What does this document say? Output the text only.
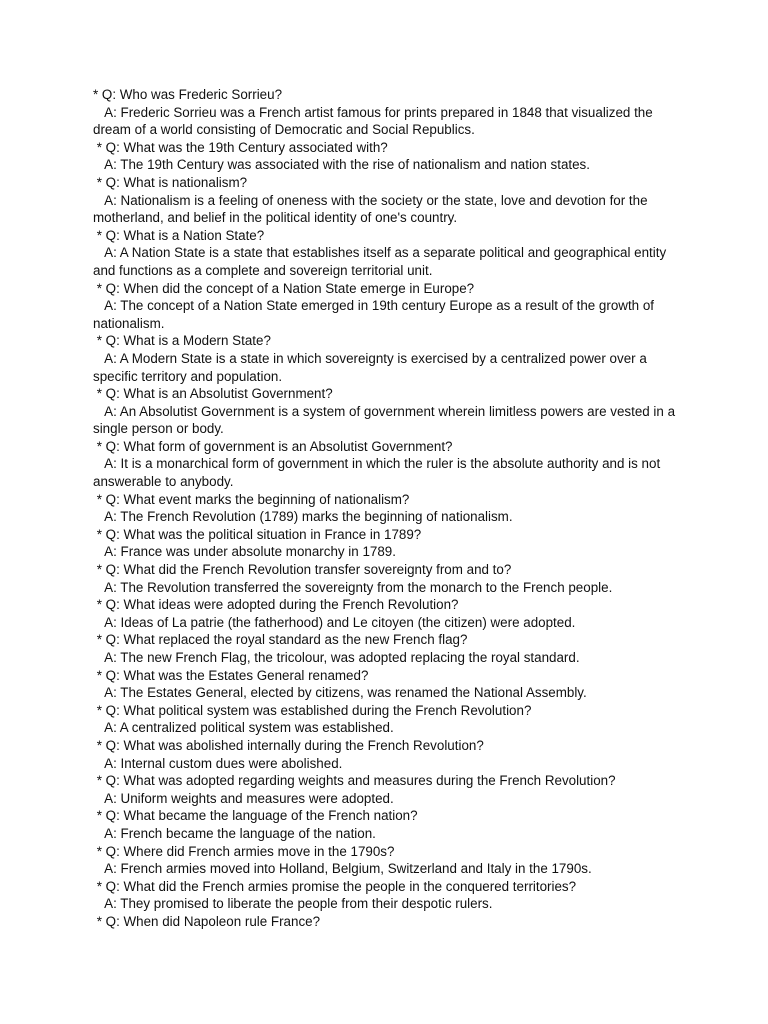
* Q: Who was Frederic Sorrieu?
A: Frederic Sorrieu was a French artist famous for prints prepared in 1848 that visualized the dream of a world consisting of Democratic and Social Republics.
* Q: What was the 19th Century associated with?
A: The 19th Century was associated with the rise of nationalism and nation states.
* Q: What is nationalism?
A: Nationalism is a feeling of oneness with the society or the state, love and devotion for the motherland, and belief in the political identity of one's country.
* Q: What is a Nation State?
A: A Nation State is a state that establishes itself as a separate political and geographical entity and functions as a complete and sovereign territorial unit.
* Q: When did the concept of a Nation State emerge in Europe?
A: The concept of a Nation State emerged in 19th century Europe as a result of the growth of nationalism.
* Q: What is a Modern State?
A: A Modern State is a state in which sovereignty is exercised by a centralized power over a specific territory and population.
* Q: What is an Absolutist Government?
A: An Absolutist Government is a system of government wherein limitless powers are vested in a single person or body.
* Q: What form of government is an Absolutist Government?
A: It is a monarchical form of government in which the ruler is the absolute authority and is not answerable to anybody.
* Q: What event marks the beginning of nationalism?
A: The French Revolution (1789) marks the beginning of nationalism.
* Q: What was the political situation in France in 1789?
A: France was under absolute monarchy in 1789.
* Q: What did the French Revolution transfer sovereignty from and to?
A: The Revolution transferred the sovereignty from the monarch to the French people.
* Q: What ideas were adopted during the French Revolution?
A: Ideas of La patrie (the fatherhood) and Le citoyen (the citizen) were adopted.
* Q: What replaced the royal standard as the new French flag?
A: The new French Flag, the tricolour, was adopted replacing the royal standard.
* Q: What was the Estates General renamed?
A: The Estates General, elected by citizens, was renamed the National Assembly.
* Q: What political system was established during the French Revolution?
A: A centralized political system was established.
* Q: What was abolished internally during the French Revolution?
A: Internal custom dues were abolished.
* Q: What was adopted regarding weights and measures during the French Revolution?
A: Uniform weights and measures were adopted.
* Q: What became the language of the French nation?
A: French became the language of the nation.
* Q: Where did French armies move in the 1790s?
A: French armies moved into Holland, Belgium, Switzerland and Italy in the 1790s.
* Q: What did the French armies promise the people in the conquered territories?
A: They promised to liberate the people from their despotic rulers.
* Q: When did Napoleon rule France?
